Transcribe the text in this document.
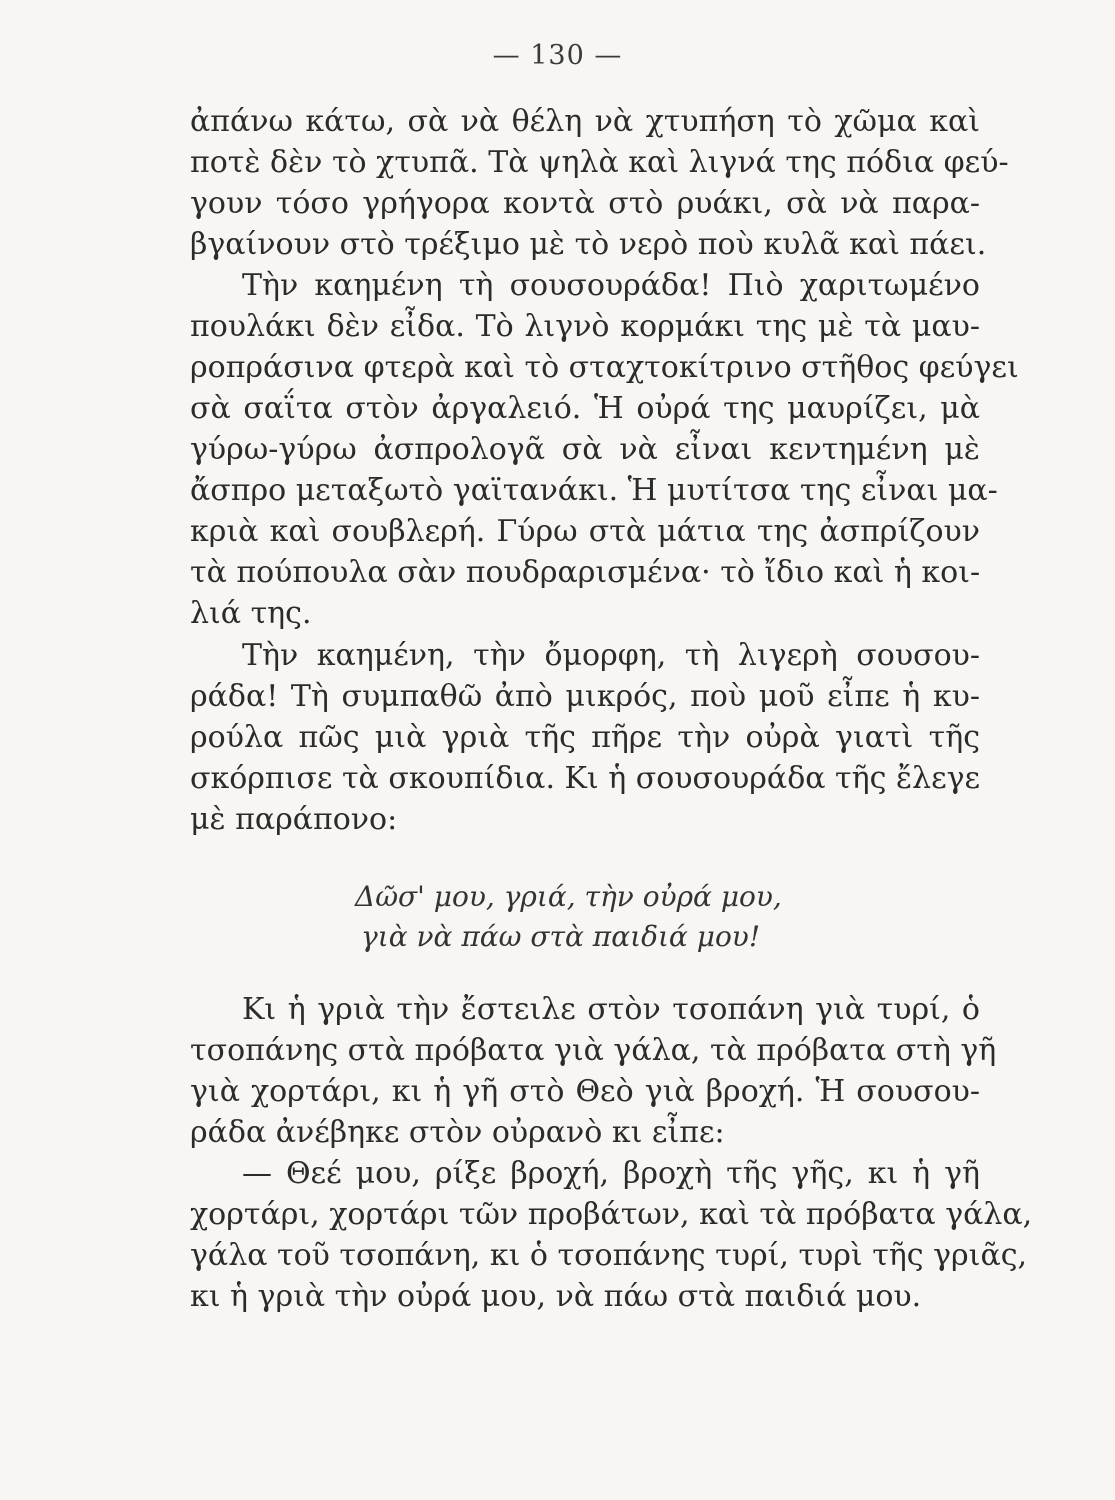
— 130 —
ἀπάνω κάτω, σὰ νὰ θέλη νὰ χτυπήση τὸ χῶμα καὶ
ποτὲ δὲν τὸ χτυπᾶ. Τὰ ψηλὰ καὶ λιγνά της πόδια φεύ-
γουν τόσο γρήγορα κοντὰ στὸ ρυάκι, σὰ νὰ παρα-
βγαίνουν στὸ τρέξιμο μὲ τὸ νερὸ ποὺ κυλᾶ καὶ πάει.
Τὴν καημένη τὴ σουσουράδα! Πιὸ χαριτωμένο
πουλάκι δὲν εἶδα. Τὸ λιγνὸ κορμάκι της μὲ τὰ μαυ-
ροπράσινα φτερὰ καὶ τὸ σταχτοκίτρινο στῆθος φεύγει
σὰ σαΐτα στὸν ἀργαλειό. Ἡ οὐρά της μαυρίζει, μὰ
γύρω-γύρω ἀσπρολογᾶ σὰ νὰ εἶναι κεντημένη μὲ
ἄσπρο μεταξωτὸ γαϊτανάκι. Ἡ μυτίτσα της εἶναι μα-
κριὰ καὶ σουβλερή. Γύρω στὰ μάτια της ἀσπρίζουν
τὰ πούπουλα σὰν πουδραρισμένα· τὸ ἴδιο καὶ ἡ κοι-
λιά της.
Τὴν καημένη, τὴν ὄμορφη, τὴ λιγερὴ σουσου-
ράδα! Τὴ συμπαθῶ ἀπὸ μικρός, ποὺ μοῦ εἶπε ἡ κυ-
ρούλα πῶς μιὰ γριὰ τῆς πῆρε τὴν οὐρὰ γιατὶ τῆς
σκόρπισε τὰ σκουπίδια. Κι ἡ σουσουράδα τῆς ἔλεγε
μὲ παράπονο:
Δῶσ' μου, γριά, τὴν οὐρά μου,
γιὰ νὰ πάω στὰ παιδιά μου!
Κι ἡ γριὰ τὴν ἔστειλε στὸν τσοπάνη γιὰ τυρί, ὁ
τσοπάνης στὰ πρόβατα γιὰ γάλα, τὰ πρόβατα στὴ γῆ
γιὰ χορτάρι, κι ἡ γῆ στὸ Θεὸ γιὰ βροχή. Ἡ σουσου-
ράδα ἀνέβηκε στὸν οὐρανὸ κι εἶπε:
— Θεέ μου, ρίξε βροχή, βροχὴ τῆς γῆς, κι ἡ γῆ
χορτάρι, χορτάρι τῶν προβάτων, καὶ τὰ πρόβατα γάλα,
γάλα τοῦ τσοπάνη, κι ὁ τσοπάνης τυρί, τυρὶ τῆς γριᾶς,
κι ἡ γριὰ τὴν οὐρά μου, νὰ πάω στὰ παιδιά μου.
